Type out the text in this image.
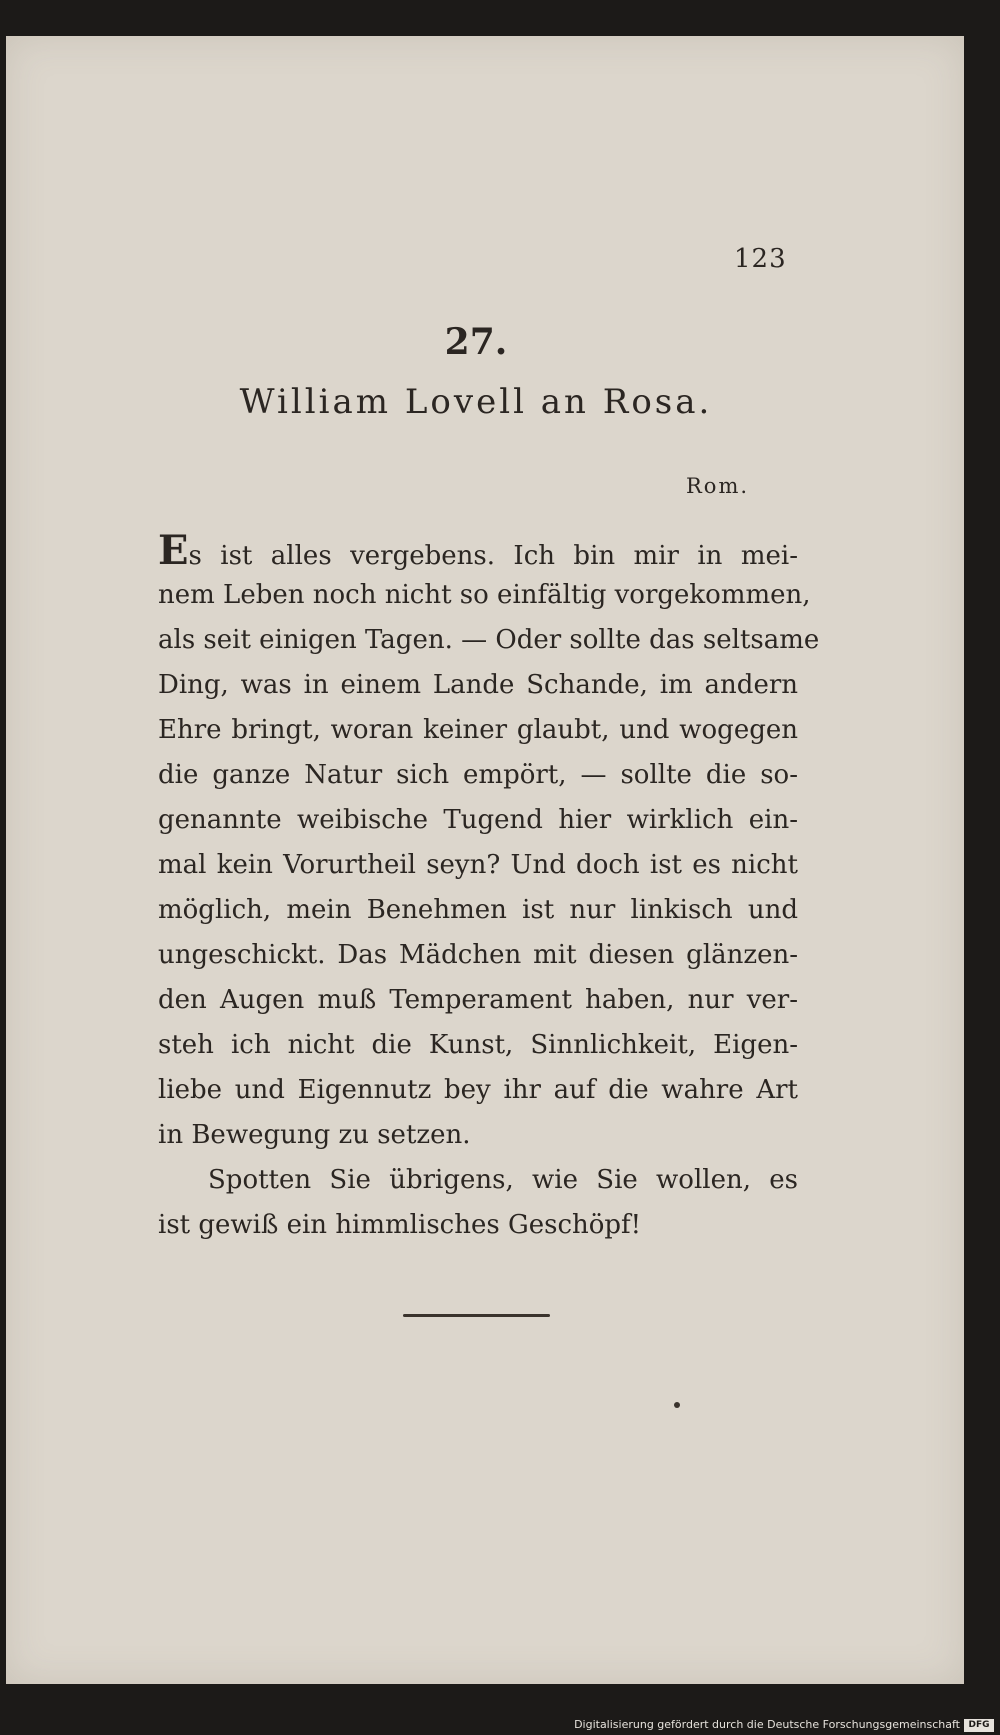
123
27.
William Lovell an Rosa.
Rom.
Es ist alles vergebens. Ich bin mir in mei-
nem Leben noch nicht so einfältig vorgekommen,
als seit einigen Tagen. — Oder sollte das seltsame
Ding, was in einem Lande Schande, im andern
Ehre bringt, woran keiner glaubt, und wogegen
die ganze Natur sich empört, — sollte die so-
genannte weibische Tugend hier wirklich ein-
mal kein Vorurtheil seyn? Und doch ist es nicht
möglich, mein Benehmen ist nur linkisch und
ungeschickt. Das Mädchen mit diesen glänzen-
den Augen muß Temperament haben, nur ver-
steh ich nicht die Kunst, Sinnlichkeit, Eigen-
liebe und Eigennutz bey ihr auf die wahre Art
in Bewegung zu setzen.
Spotten Sie übrigens, wie Sie wollen, es
ist gewiß ein himmlisches Geschöpf!
Digitalisierung gefördert durch die Deutsche Forschungsgemeinschaft DFG
